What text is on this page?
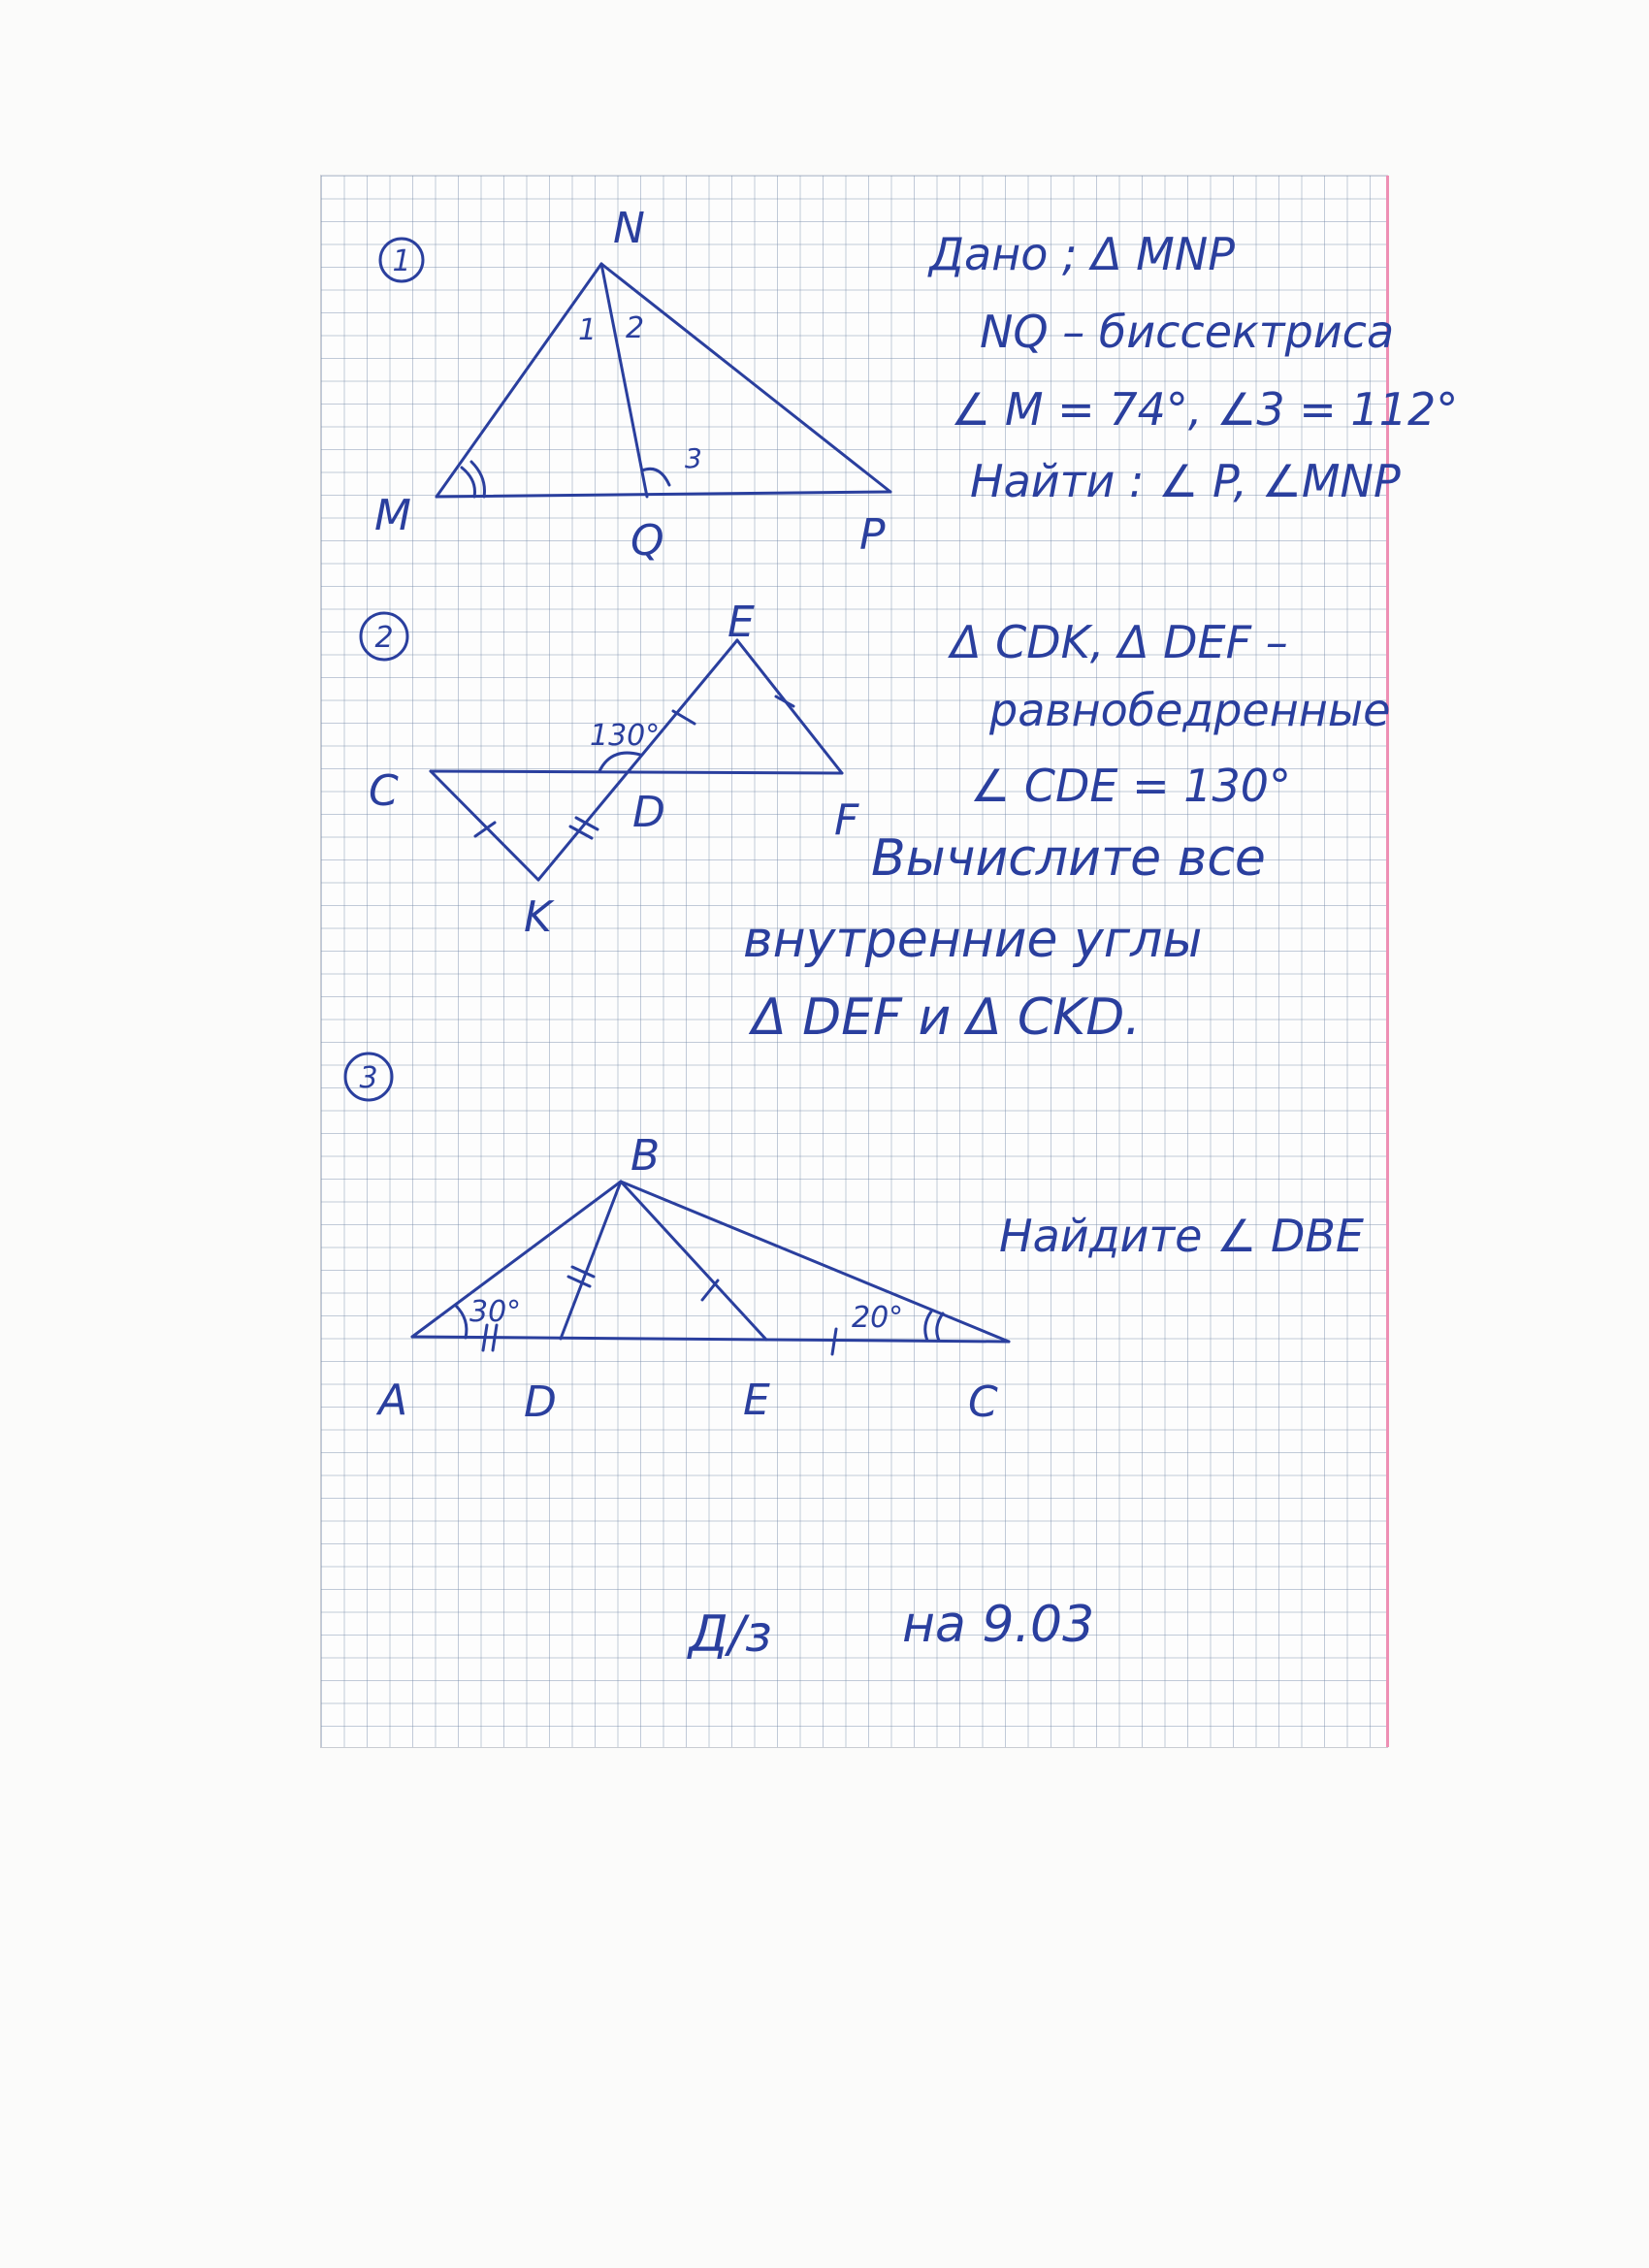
1
N
M
Q	P
1 2
3
Дано ; Δ MNP
NQ – биссектриса
∠ M = 74°, ∠3 = 112°
Найти : ∠ P, ∠MNP
2	E
C	D	F
K
130°
Δ CDK, Δ DEF –
равнобедренные
∠ CDE = 130°
Вычислите все
внутренние углы
Δ DEF и Δ CKD.
3
B
A	D	E	C
30°	20°
Найдите ∠ DBE
Д/з	на 9.03
